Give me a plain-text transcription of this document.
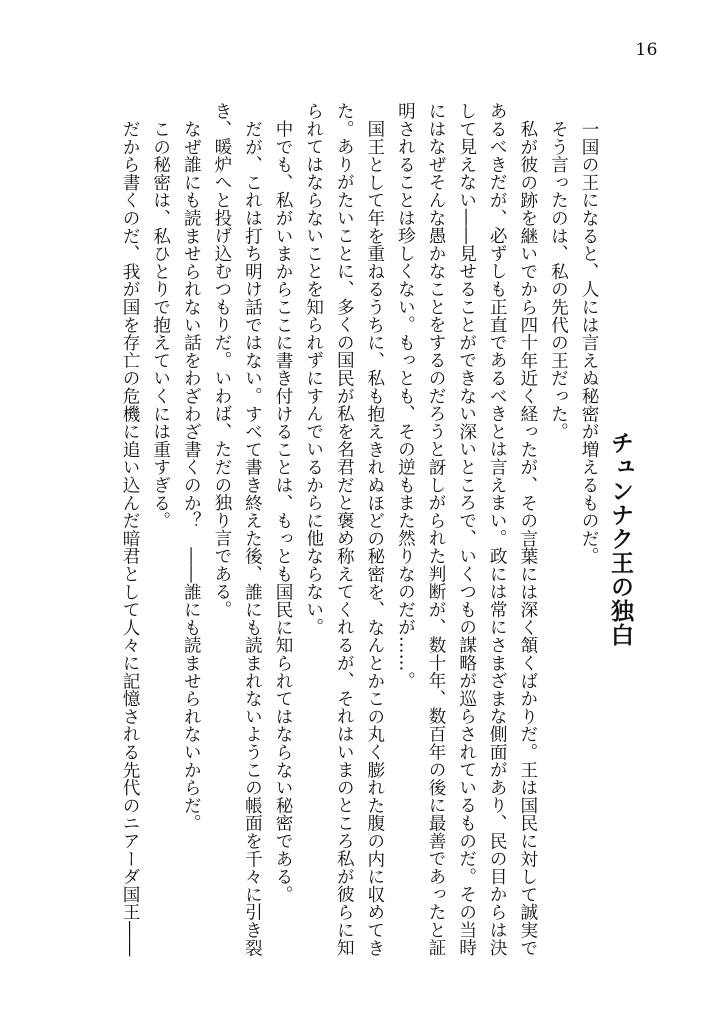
16
チュンナク王の独白

一国の王になると、人には言えぬ秘密が増えるものだ。

そう言ったのは、私の先代の王だった。

私が彼の跡を継いでから四十年近く経ったが、その言葉には深く頷くばかりだ。王は国民に対して誠実であるべきだが、必ずしも正直であるべきとは言えまい。政には常にさまざまな側面があり、民の目からは決して見えない――見せることができない深いところで、いくつもの謀略が巡らされているものだ。その当時にはなぜそんな愚かなことをするのだろうと訝しがられた判断が、数十年、数百年の後に最善であったと証明されることは珍しくない。もっとも、その逆もまた然りなのだが……。

国王として年を重ねるうちに、私も抱えきれぬほどの秘密を、なんとかこの丸く膨れた腹の内に収めてきた。ありがたいことに、多くの国民が私を名君だと褒め称えてくれるが、それはいまのところ私が彼らに知られてはならないことを知られずにすんでいるからに他ならない。

中でも、私がいまからここに書き付けることは、もっとも国民に知られてはならない秘密である。

だが、これは打ち明け話ではない。すべて書き終えた後、誰にも読まれないようこの帳面を千々に引き裂き、暖炉へと投げ込むつもりだ。いわば、ただの独り言である。

なぜ誰にも読ませられない話をわざわざ書くのか？　――誰にも読ませられないからだ。

この秘密は、私ひとりで抱えていくには重すぎる。

だから書くのだ、我が国を存亡の危機に追い込んだ暗君として人々に記憶される先代のニアーダ国王――
